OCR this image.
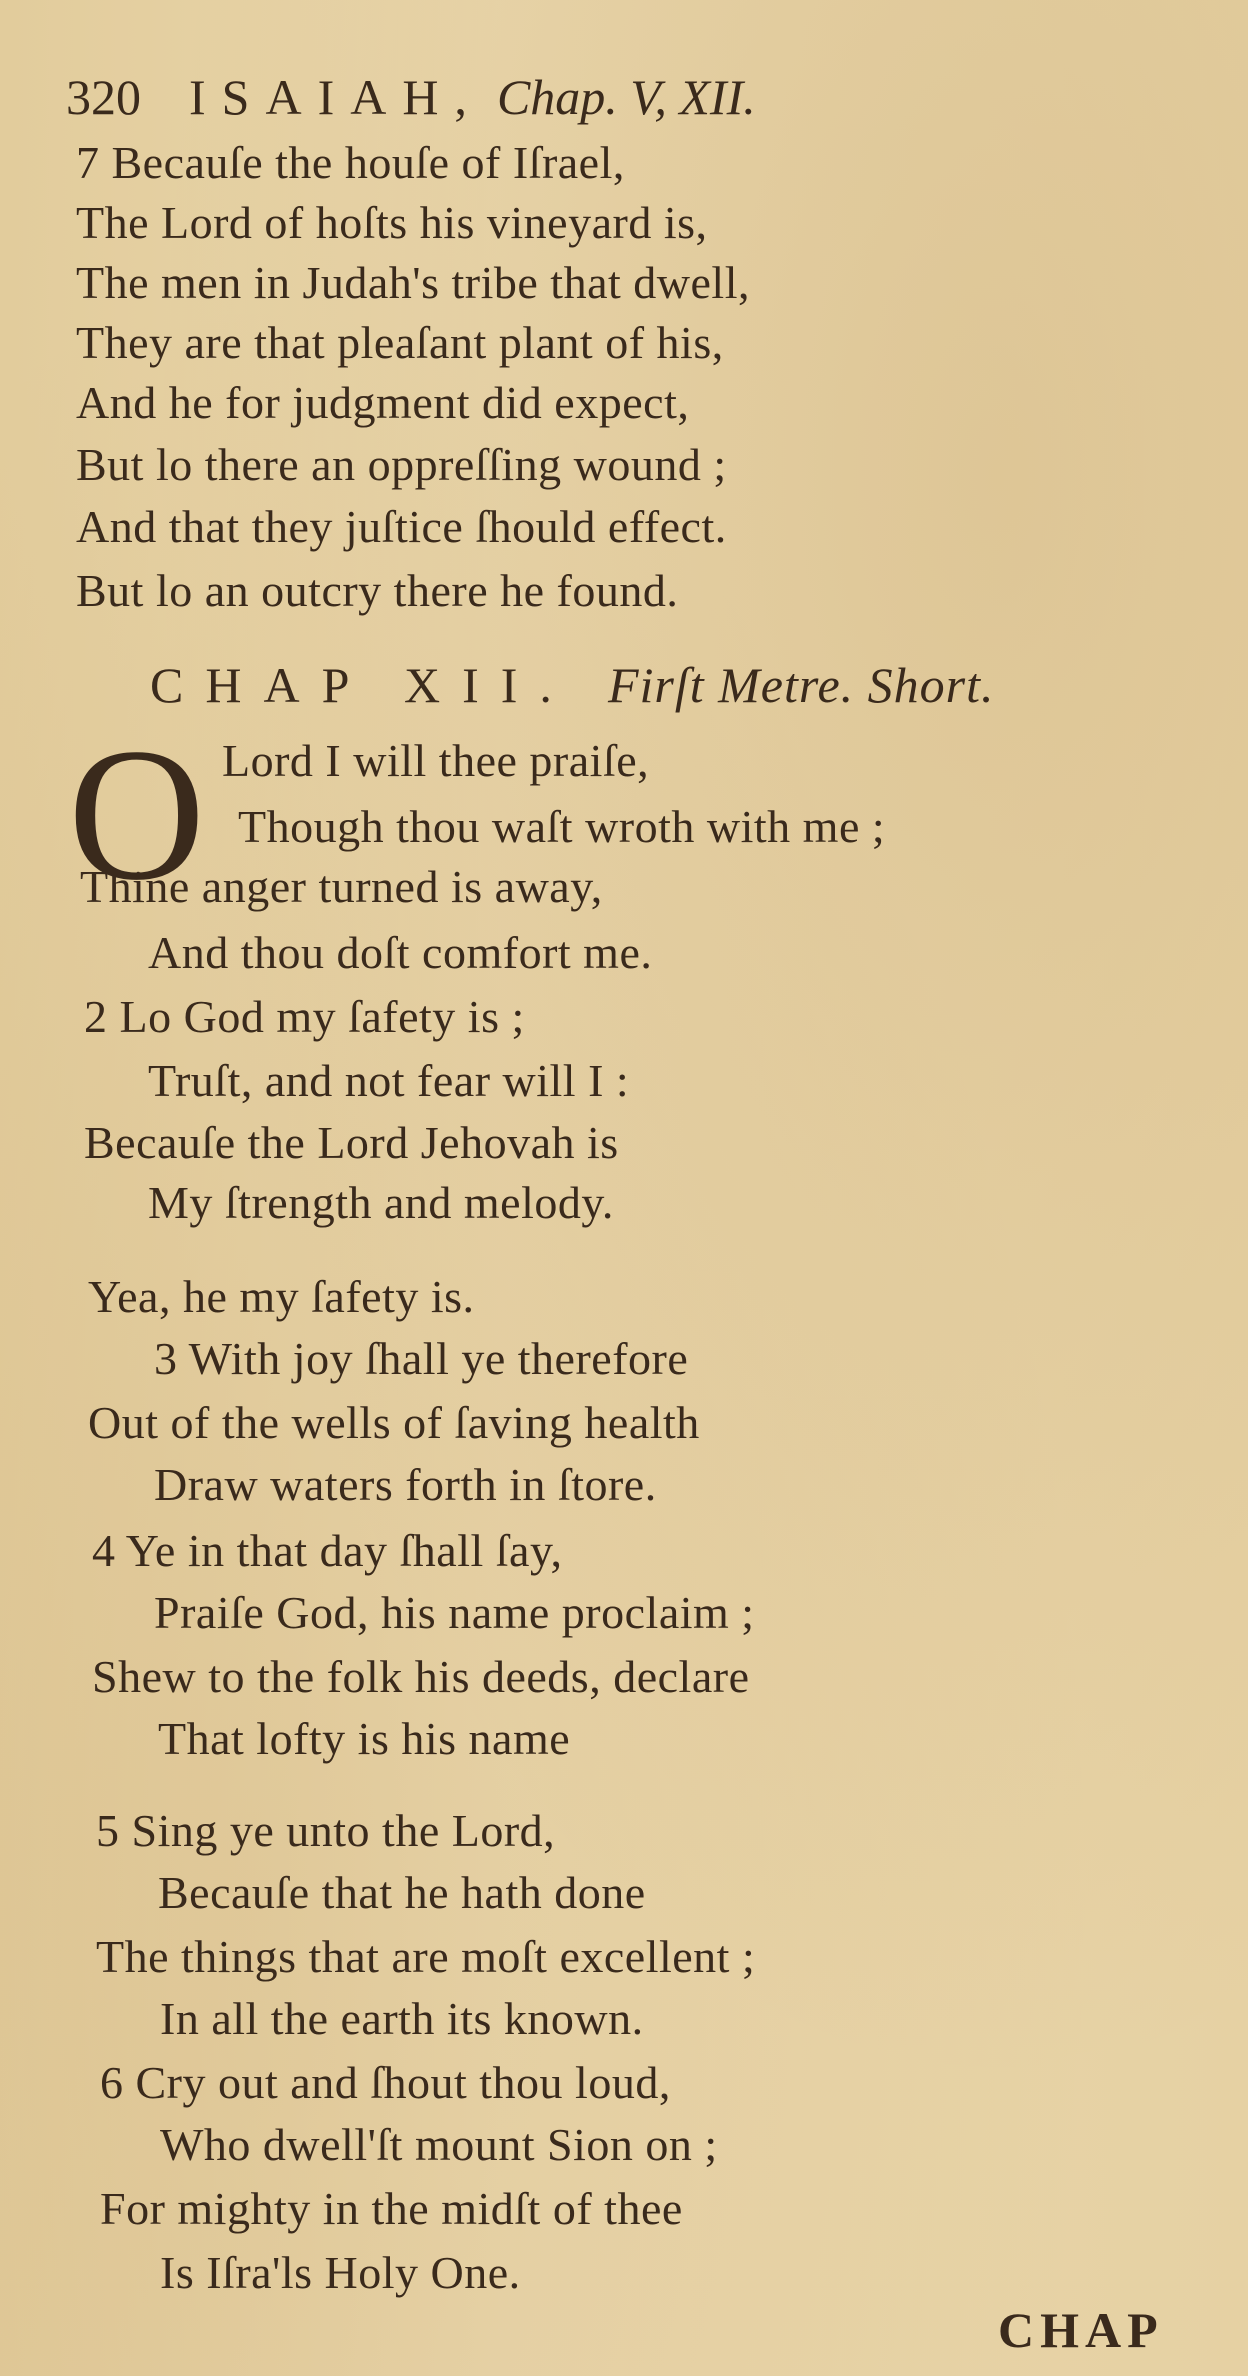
320 ISAIAH, Chap. V, XII.
7 Becauſe the houſe of Iſrael,
The Lord of hoſts his vineyard is,
The men in Judah's tribe that dwell,
They are that pleaſant plant of his,
And he for judgment did expect,
But lo there an oppreſſing wound ;
And that they juſtice ſhould effect.
But lo an outcry there he found.
CHAP XII. Firſt Metre. Short.
O Lord I will thee praiſe,
Though thou waſt wroth with me ;
Thine anger turned is away,
And thou doſt comfort me.
2 Lo God my ſafety is ;
Truſt, and not fear will I :
Becauſe the Lord Jehovah is
My ſtrength and melody.
Yea, he my ſafety is.
3 With joy ſhall ye therefore
Out of the wells of ſaving health
Draw waters forth in ſtore.
4 Ye in that day ſhall ſay,
Praiſe God, his name proclaim ;
Shew to the folk his deeds, declare
That lofty is his name
5 Sing ye unto the Lord,
Becauſe that he hath done
The things that are moſt excellent ;
In all the earth its known.
6 Cry out and ſhout thou loud,
Who dwell'ſt mount Sion on ;
For mighty in the midſt of thee
Is Iſra'ls Holy One.
CHAP
